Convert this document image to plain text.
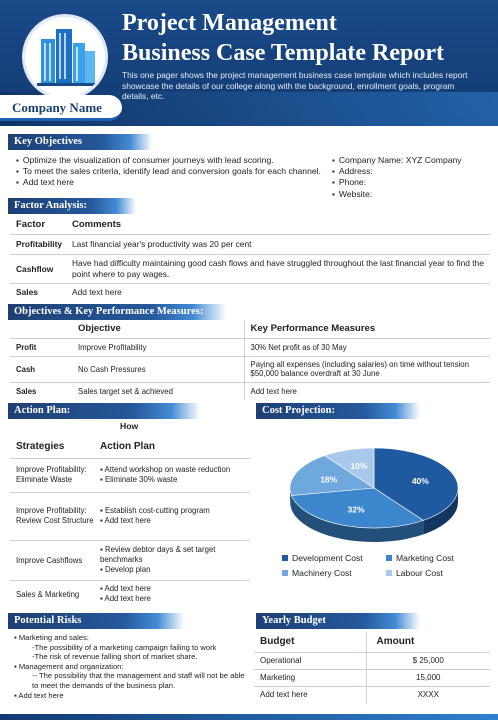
Project Management
Business Case Template Report
This one pager shows the project management business case template which includes report showcase the details of our college along with the background, enrollment goals, program details, etc.
Company Name
Key Objectives
▪ Optimize the visualization of consumer journeys with lead scoring.
▪ To meet the sales criteria, identify lead and conversion goals for each channel.
▪ Add text here
▪ Company Name: XYZ Company
▪ Address:
▪ Phone:
▪ Website:
Factor Analysis:
Factor	Comments
Profitability	Last financial year's productivity was 20 per cent
Cashflow	Have had difficulty maintaining good cash flows and have struggled throughout the last financial year to find the point where to pay wages.
Sales	Add text here
Objectives & Key Performance Measures:
	Objective	Key Performance Measures
Profit	Improve Profitability	30% Net profit as of 30 May
Cash	No Cash Pressures	Paying all expenses (including salaries) on time without tension $50,000 balance overdraft at 30 June
Sales	Sales target set & achieved	Add text here
Action Plan:
How
Strategies	Action Plan
Improve Profitability: Eliminate Waste	▪ Attend workshop on waste reduction
▪ Eliminate 30% waste

Improve Profitability: Review Cost Structure	▪ Establish cost-cutting program
▪ Add text here

Improve Cashflows	▪ Review debtor days & set target benchmarks
▪ Develop plan

Sales & Marketing	▪ Add text here
▪ Add text here
Cost Projection:
40%
32%
18%
10%
Development Cost	Marketing Cost
Machinery Cost	Labour Cost
Potential Risks
▪ Marketing and sales:
-The possibility of a marketing campaign failing to work
-The risk of revenue falling short of market share.
▪ Management and organization:
-- The possibility that the management and staff will not be able to meet the demands of the business plan.
▪ Add text here
Yearly Budget
Budget	Amount
Operational	$ 25,000
Marketing	15,000
Add text here	XXXX
